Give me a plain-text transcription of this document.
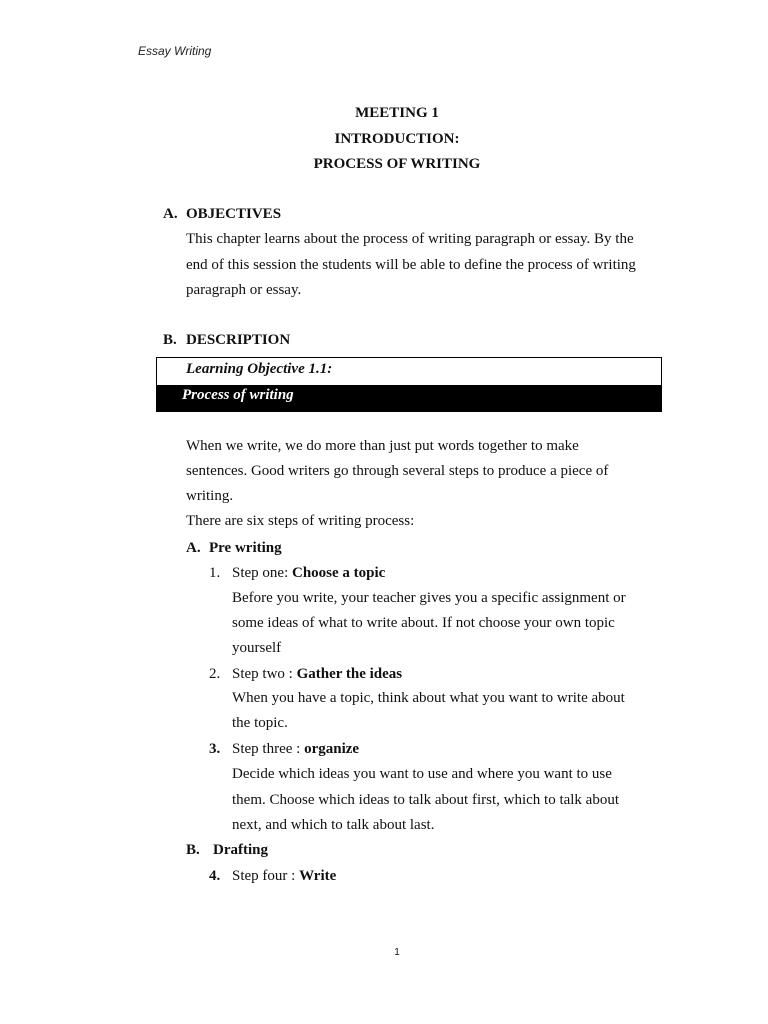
Essay Writing
MEETING 1
INTRODUCTION:
PROCESS OF WRITING
A. OBJECTIVES
This chapter learns about the process of writing paragraph or essay. By the
end of this session the students will be able to define the process of writing
paragraph or essay.
B. DESCRIPTION
Learning Objective 1.1:
Process of writing
When we write, we do more than just put words together to make
sentences. Good writers go through several steps to produce a piece of
writing.
There are six steps of writing process:
A. Pre writing
1. Step one: Choose a topic
Before you write, your teacher gives you a specific assignment or
some ideas of what to write about. If not choose your own topic
yourself
2. Step two : Gather the ideas
When you have a topic, think about what you want to write about
the topic.
3. Step three : organize
Decide which ideas you want to use and where you want to use
them. Choose which ideas to talk about first, which to talk about
next, and which to talk about last.
B. Drafting
4. Step four : Write
1
